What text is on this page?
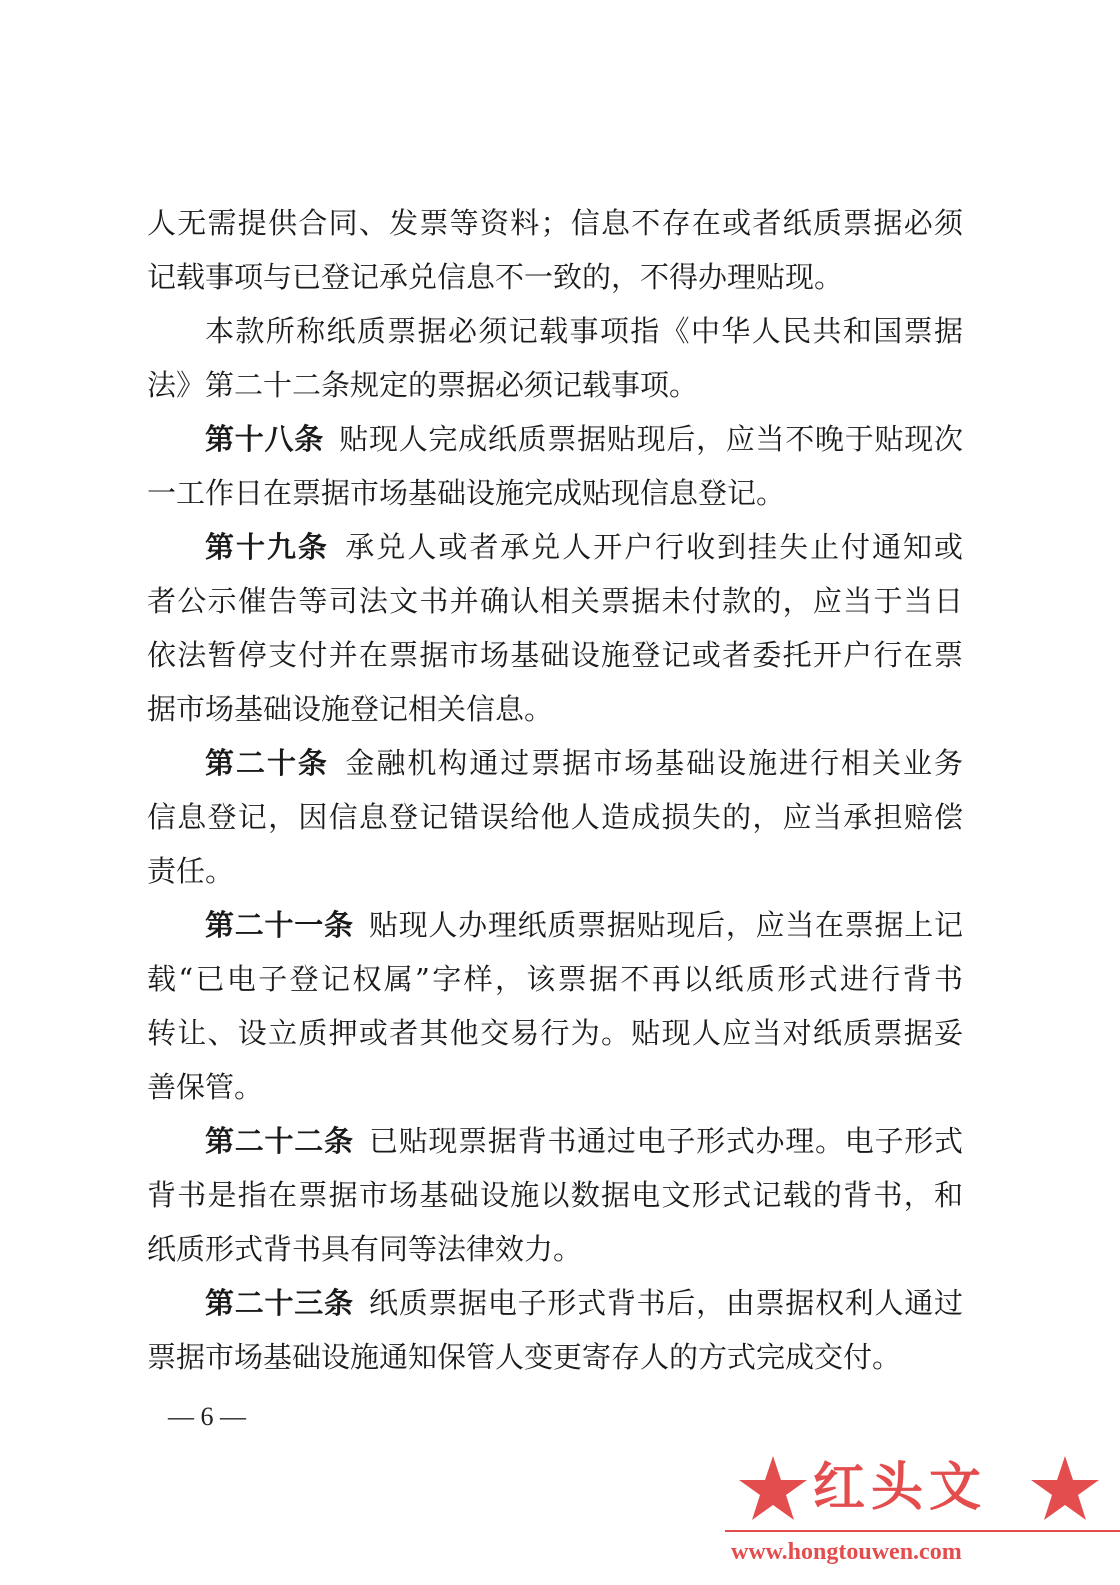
人无需提供合同、发票等资料；信息不存在或者纸质票据必须
记载事项与已登记承兑信息不一致的，不得办理贴现。
本款所称纸质票据必须记载事项指《中华人民共和国票据
法》第二十二条规定的票据必须记载事项。
第十八条  贴现人完成纸质票据贴现后，应当不晚于贴现次
一工作日在票据市场基础设施完成贴现信息登记。
第十九条  承兑人或者承兑人开户行收到挂失止付通知或
者公示催告等司法文书并确认相关票据未付款的，应当于当日
依法暂停支付并在票据市场基础设施登记或者委托开户行在票
据市场基础设施登记相关信息。
第二十条  金融机构通过票据市场基础设施进行相关业务
信息登记，因信息登记错误给他人造成损失的，应当承担赔偿
责任。
第二十一条  贴现人办理纸质票据贴现后，应当在票据上记
载“已电子登记权属”字样，该票据不再以纸质形式进行背书
转让、设立质押或者其他交易行为。贴现人应当对纸质票据妥
善保管。
第二十二条  已贴现票据背书通过电子形式办理。电子形式
背书是指在票据市场基础设施以数据电文形式记载的背书，和
纸质形式背书具有同等法律效力。
第二十三条  纸质票据电子形式背书后，由票据权利人通过
票据市场基础设施通知保管人变更寄存人的方式完成交付。
— 6 —
红头文
www.hongtouwen.com
